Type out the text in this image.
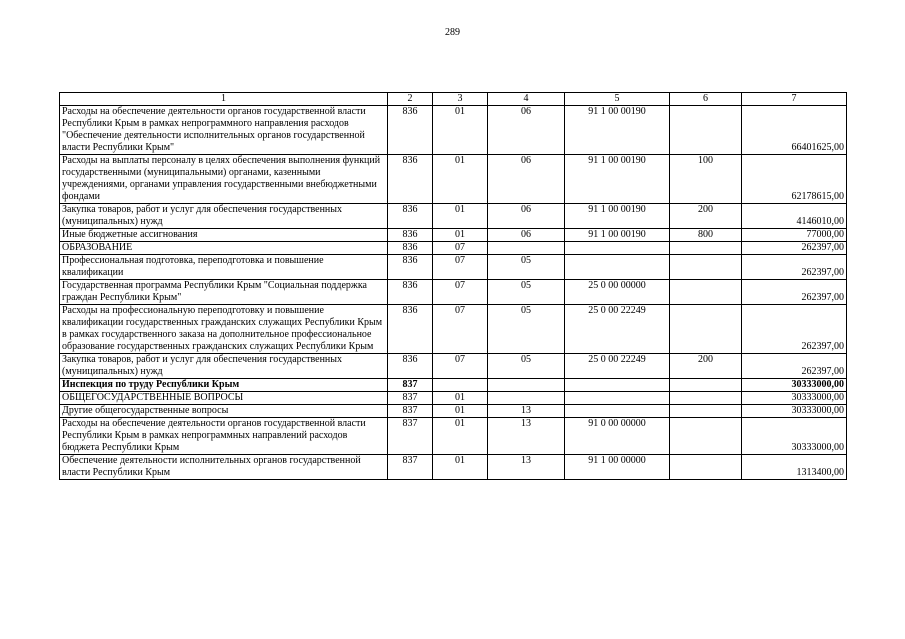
289
1	2	3	4	5	6	7
Расходы на обеспечение деятельности органов государственной власти Республики Крым в рамках непрограммного направления расходов "Обеспечение деятельности исполнительных органов государственной власти Республики Крым"	836	01	06	91 1 00 00190		66401625,00
Расходы на выплаты персоналу в целях обеспечения выполнения функций государственными (муниципальными) органами, казенными учреждениями, органами управления государственными внебюджетными фондами	836	01	06	91 1 00 00190	100	62178615,00
Закупка товаров, работ и услуг для обеспечения государственных (муниципальных) нужд	836	01	06	91 1 00 00190	200	4146010,00
Иные бюджетные ассигнования	836	01	06	91 1 00 00190	800	77000,00
ОБРАЗОВАНИЕ	836	07				262397,00
Профессиональная подготовка, переподготовка и повышение квалификации	836	07	05			262397,00
Государственная программа Республики Крым "Социальная поддержка граждан Республики Крым"	836	07	05	25 0 00 00000		262397,00
Расходы на профессиональную переподготовку и повышение квалификации государственных гражданских служащих Республики Крым в рамках государственного заказа на дополнительное профессиональное образование государственных гражданских служащих Республики Крым	836	07	05	25 0 00 22249		262397,00
Закупка товаров, работ и услуг для обеспечения государственных (муниципальных) нужд	836	07	05	25 0 00 22249	200	262397,00
Инспекция по труду Республики Крым	837					30333000,00
ОБЩЕГОСУДАРСТВЕННЫЕ ВОПРОСЫ	837	01				30333000,00
Другие общегосударственные вопросы	837	01	13			30333000,00
Расходы на обеспечение деятельности органов государственной власти Республики Крым в рамках непрограммных направлений расходов бюджета Республики Крым	837	01	13	91 0 00 00000		30333000,00
Обеспечение деятельности исполнительных органов государственной власти Республики Крым	837	01	13	91 1 00 00000		1313400,00
